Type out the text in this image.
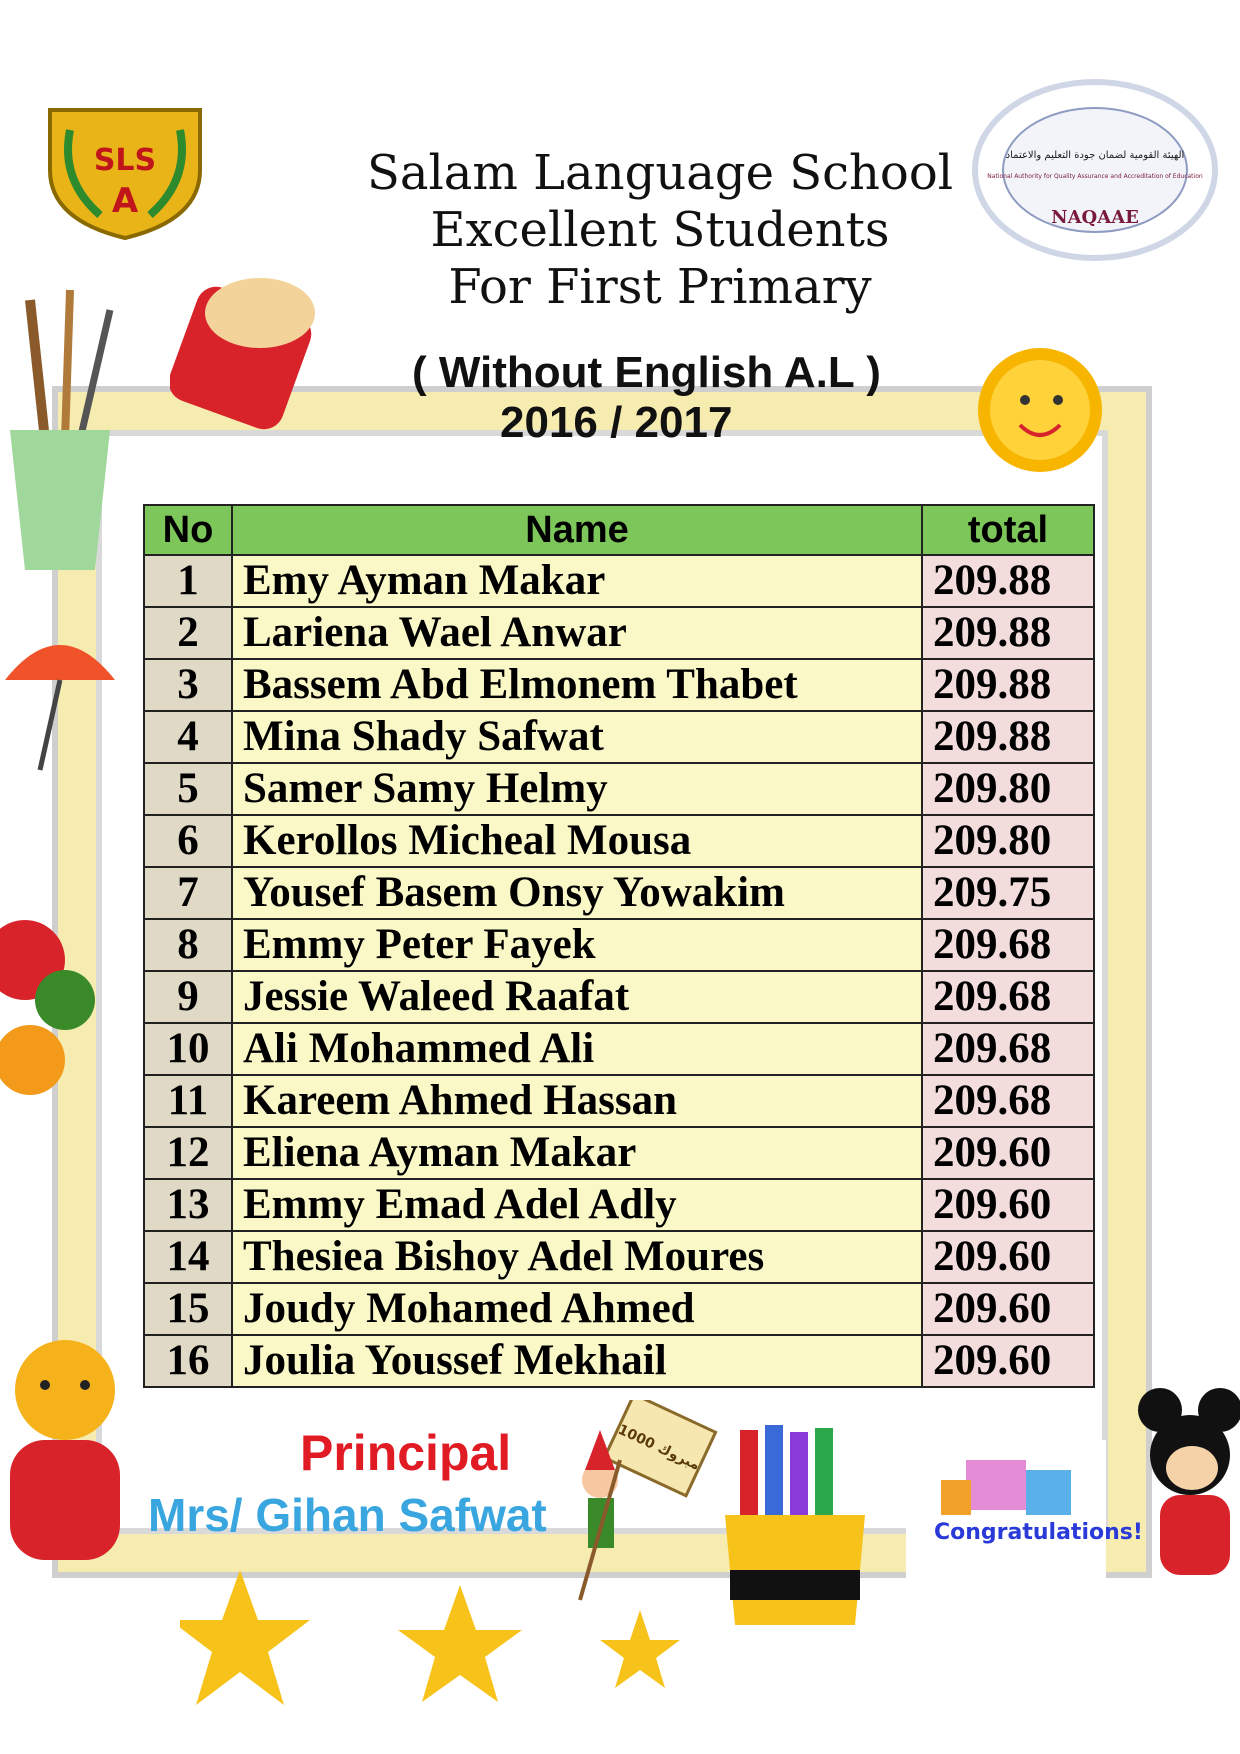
SLS
A
الهيئة القومية لضمان جودة التعليم والاعتماد
National Authority for Quality Assurance and Accreditation of Education
NAQAAE
1000 مبروك
Salam Language School
Excellent Students
For First Primary
( Without English A.L )
2016 / 2017
No	Name	total
1	Emy Ayman Makar	209.88
2	Lariena Wael Anwar	209.88
3	Bassem Abd Elmonem Thabet	209.88
4	Mina Shady Safwat	209.88
5	Samer Samy Helmy	209.80
6	Kerollos Micheal Mousa	209.80
7	Yousef Basem Onsy Yowakim	209.75
8	Emmy Peter Fayek	209.68
9	Jessie Waleed Raafat	209.68
10	Ali Mohammed Ali	209.68
11	Kareem Ahmed Hassan	209.68
12	Eliena Ayman Makar	209.60
13	Emmy Emad Adel Adly	209.60
14	Thesiea Bishoy Adel Moures	209.60
15	Joudy Mohamed Ahmed	209.60
16	Joulia Youssef Mekhail	209.60
Principal
Mrs/ Gihan Safwat	Congratulations!
